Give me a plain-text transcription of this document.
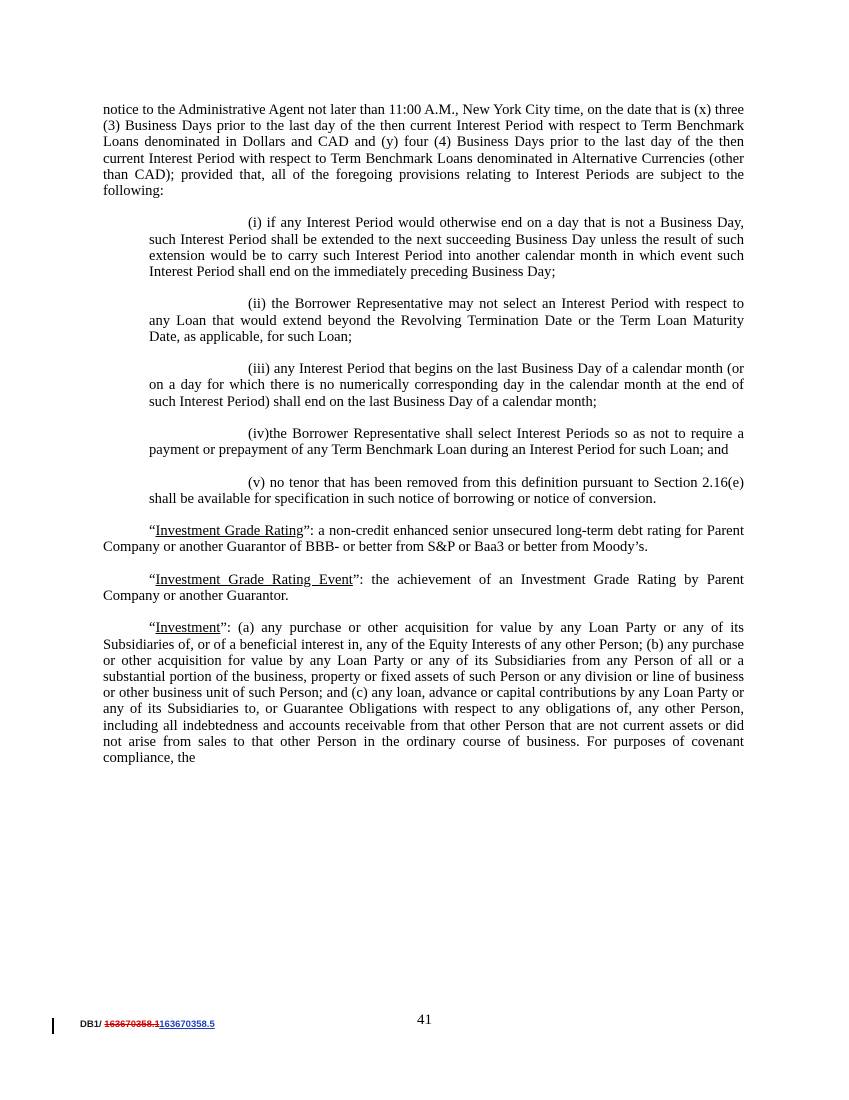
notice to the Administrative Agent not later than 11:00 A.M., New York City time, on the date that is (x) three (3) Business Days prior to the last day of the then current Interest Period with respect to Term Benchmark Loans denominated in Dollars and CAD and (y) four (4) Business Days prior to the last day of the then current Interest Period with respect to Term Benchmark Loans denominated in Alternative Currencies (other than CAD); provided that, all of the foregoing provisions relating to Interest Periods are subject to the following:

(i) if any Interest Period would otherwise end on a day that is not a Business Day, such Interest Period shall be extended to the next succeeding Business Day unless the result of such extension would be to carry such Interest Period into another calendar month in which event such Interest Period shall end on the immediately preceding Business Day;

(ii) the Borrower Representative may not select an Interest Period with respect to any Loan that would extend beyond the Revolving Termination Date or the Term Loan Maturity Date, as applicable, for such Loan;

(iii) any Interest Period that begins on the last Business Day of a calendar month (or on a day for which there is no numerically corresponding day in the calendar month at the end of such Interest Period) shall end on the last Business Day of a calendar month;

(iv)the Borrower Representative shall select Interest Periods so as not to require a payment or prepayment of any Term Benchmark Loan during an Interest Period for such Loan; and

(v) no tenor that has been removed from this definition pursuant to Section 2.16(e) shall be available for specification in such notice of borrowing or notice of conversion.

“Investment Grade Rating”: a non-credit enhanced senior unsecured long-term debt rating for Parent Company or another Guarantor of BBB- or better from S&P or Baa3 or better from Moody’s.

“Investment Grade Rating Event”: the achievement of an Investment Grade Rating by Parent Company or another Guarantor.

“Investment”: (a) any purchase or other acquisition for value by any Loan Party or any of its Subsidiaries of, or of a beneficial interest in, any of the Equity Interests of any other Person; (b) any purchase or other acquisition for value by any Loan Party or any of its Subsidiaries from any Person of all or a substantial portion of the business, property or fixed assets of such Person or any division or line of business or other business unit of such Person; and (c) any loan, advance or capital contributions by any Loan Party or any of its Subsidiaries to, or Guarantee Obligations with respect to any obligations of, any other Person, including all indebtedness and accounts receivable from that other Person that are not current assets or did not arise from sales to that other Person in the ordinary course of business. For purposes of covenant compliance, the

DB1/ 163670358.1163670358.5	41
